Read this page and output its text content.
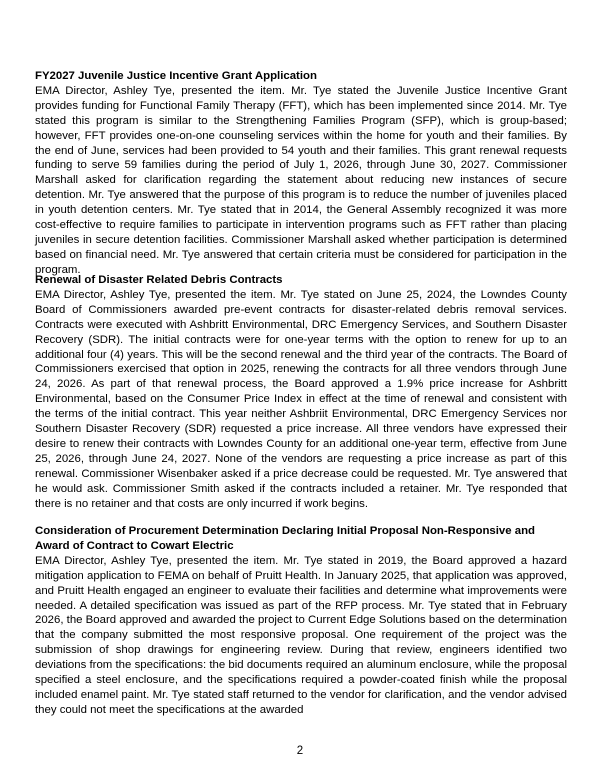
FY2027 Juvenile Justice Incentive Grant Application

EMA Director, Ashley Tye, presented the item. Mr. Tye stated the Juvenile Justice Incentive Grant provides funding for Functional Family Therapy (FFT), which has been implemented since 2014. Mr. Tye stated this program is similar to the Strengthening Families Program (SFP), which is group-based; however, FFT provides one-on-one counseling services within the home for youth and their families. By the end of June, services had been provided to 54 youth and their families. This grant renewal requests funding to serve 59 families during the period of July 1, 2026, through June 30, 2027. Commissioner Marshall asked for clarification regarding the statement about reducing new instances of secure detention. Mr. Tye answered that the purpose of this program is to reduce the number of juveniles placed in youth detention centers. Mr. Tye stated that in 2014, the General Assembly recognized it was more cost-effective to require families to participate in intervention programs such as FFT rather than placing juveniles in secure detention facilities. Commissioner Marshall asked whether participation is determined based on financial need. Mr. Tye answered that certain criteria must be considered for participation in the program.

Renewal of Disaster Related Debris Contracts

EMA Director, Ashley Tye, presented the item. Mr. Tye stated on June 25, 2024, the Lowndes County Board of Commissioners awarded pre-event contracts for disaster-related debris removal services. Contracts were executed with Ashbritt Environmental, DRC Emergency Services, and Southern Disaster Recovery (SDR). The initial contracts were for one-year terms with the option to renew for up to an additional four (4) years. This will be the second renewal and the third year of the contracts. The Board of Commissioners exercised that option in 2025, renewing the contracts for all three vendors through June 24, 2026. As part of that renewal process, the Board approved a 1.9% price increase for Ashbritt Environmental, based on the Consumer Price Index in effect at the time of renewal and consistent with the terms of the initial contract. This year neither Ashbriit Environmental, DRC Emergency Services nor Southern Disaster Recovery (SDR) requested a price increase. All three vendors have expressed their desire to renew their contracts with Lowndes County for an additional one-year term, effective from June 25, 2026, through June 24, 2027. None of the vendors are requesting a price increase as part of this renewal. Commissioner Wisenbaker asked if a price decrease could be requested. Mr. Tye answered that he would ask. Commissioner Smith asked if the contracts included a retainer. Mr. Tye responded that there is no retainer and that costs are only incurred if work begins.

Consideration of Procurement Determination Declaring Initial Proposal Non-Responsive and Award of Contract to Cowart Electric

EMA Director, Ashley Tye, presented the item. Mr. Tye stated in 2019, the Board approved a hazard mitigation application to FEMA on behalf of Pruitt Health. In January 2025, that application was approved, and Pruitt Health engaged an engineer to evaluate their facilities and determine what improvements were needed. A detailed specification was issued as part of the RFP process. Mr. Tye stated that in February 2026, the Board approved and awarded the project to Current Edge Solutions based on the determination that the company submitted the most responsive proposal. One requirement of the project was the submission of shop drawings for engineering review. During that review, engineers identified two deviations from the specifications: the bid documents required an aluminum enclosure, while the proposal specified a steel enclosure, and the specifications required a powder-coated finish while the proposal included enamel paint. Mr. Tye stated staff returned to the vendor for clarification, and the vendor advised they could not meet the specifications at the awarded

2
